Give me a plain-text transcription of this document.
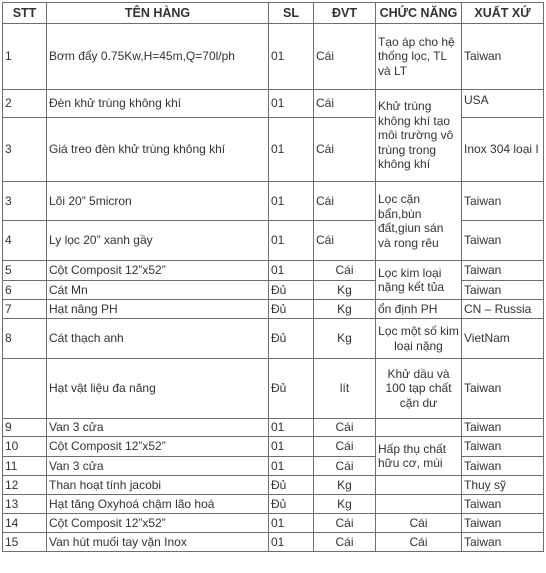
STT	TÊN HÀNG	SL	ĐVT	CHỨC NĂNG	XUẤT XỨ
1	Bơm đẩy 0.75Kw,H=45m,Q=70l/ph	01	Cái	Tạo áp cho hệ thống lọc, TL và LT	Taiwan
2	Đèn khử trùng không khí	01	Cái	Khử trùng không khí tạo môi trường vô trùng trong không khí	USA
3	Giá treo đèn khử trùng không khí	01	Cái		Inox 304 loại I
3	Lõi 20” 5micron	01	Cái	Lọc cặn bẩn,bùn đất,giun sán và rong rêu	Taiwan
4	Ly lọc 20” xanh gầy	01	Cái		Taiwan
5	Cột Composit 12”x52”	01	Cái	Lọc kim loại nặng kết tủa	Taiwan
6	Cát Mn	Đủ	Kg		Taiwan
7	Hạt nâng PH	Đủ	Kg	ổn định PH	CN – Russia
8	Cát thạch anh	Đủ	Kg	Lọc một số kim loại nặng	VietNam
	Hạt vật liệu đa năng	Đủ	lít	Khử dầu và 100 tạp chất cặn dư	Taiwan
9	Van 3 cửa	01	Cái		Taiwan
10	Cột Composit 12”x52”	01	Cái	Hấp thụ chất hữu cơ, mùi	Taiwan
11	Van 3 cửa	01	Cái		Taiwan
12	Than hoạt tính jacobi	Đủ	Kg		Thuỵ sỹ
13	Hạt tăng Oxyhoá chậm lão hoá	Đủ	Kg		Taiwan
14	Cột Composit 12”x52”	01	Cái	Cái	Taiwan
15	Van hút muối tay vặn Inox	01	Cái	Cái	Taiwan
